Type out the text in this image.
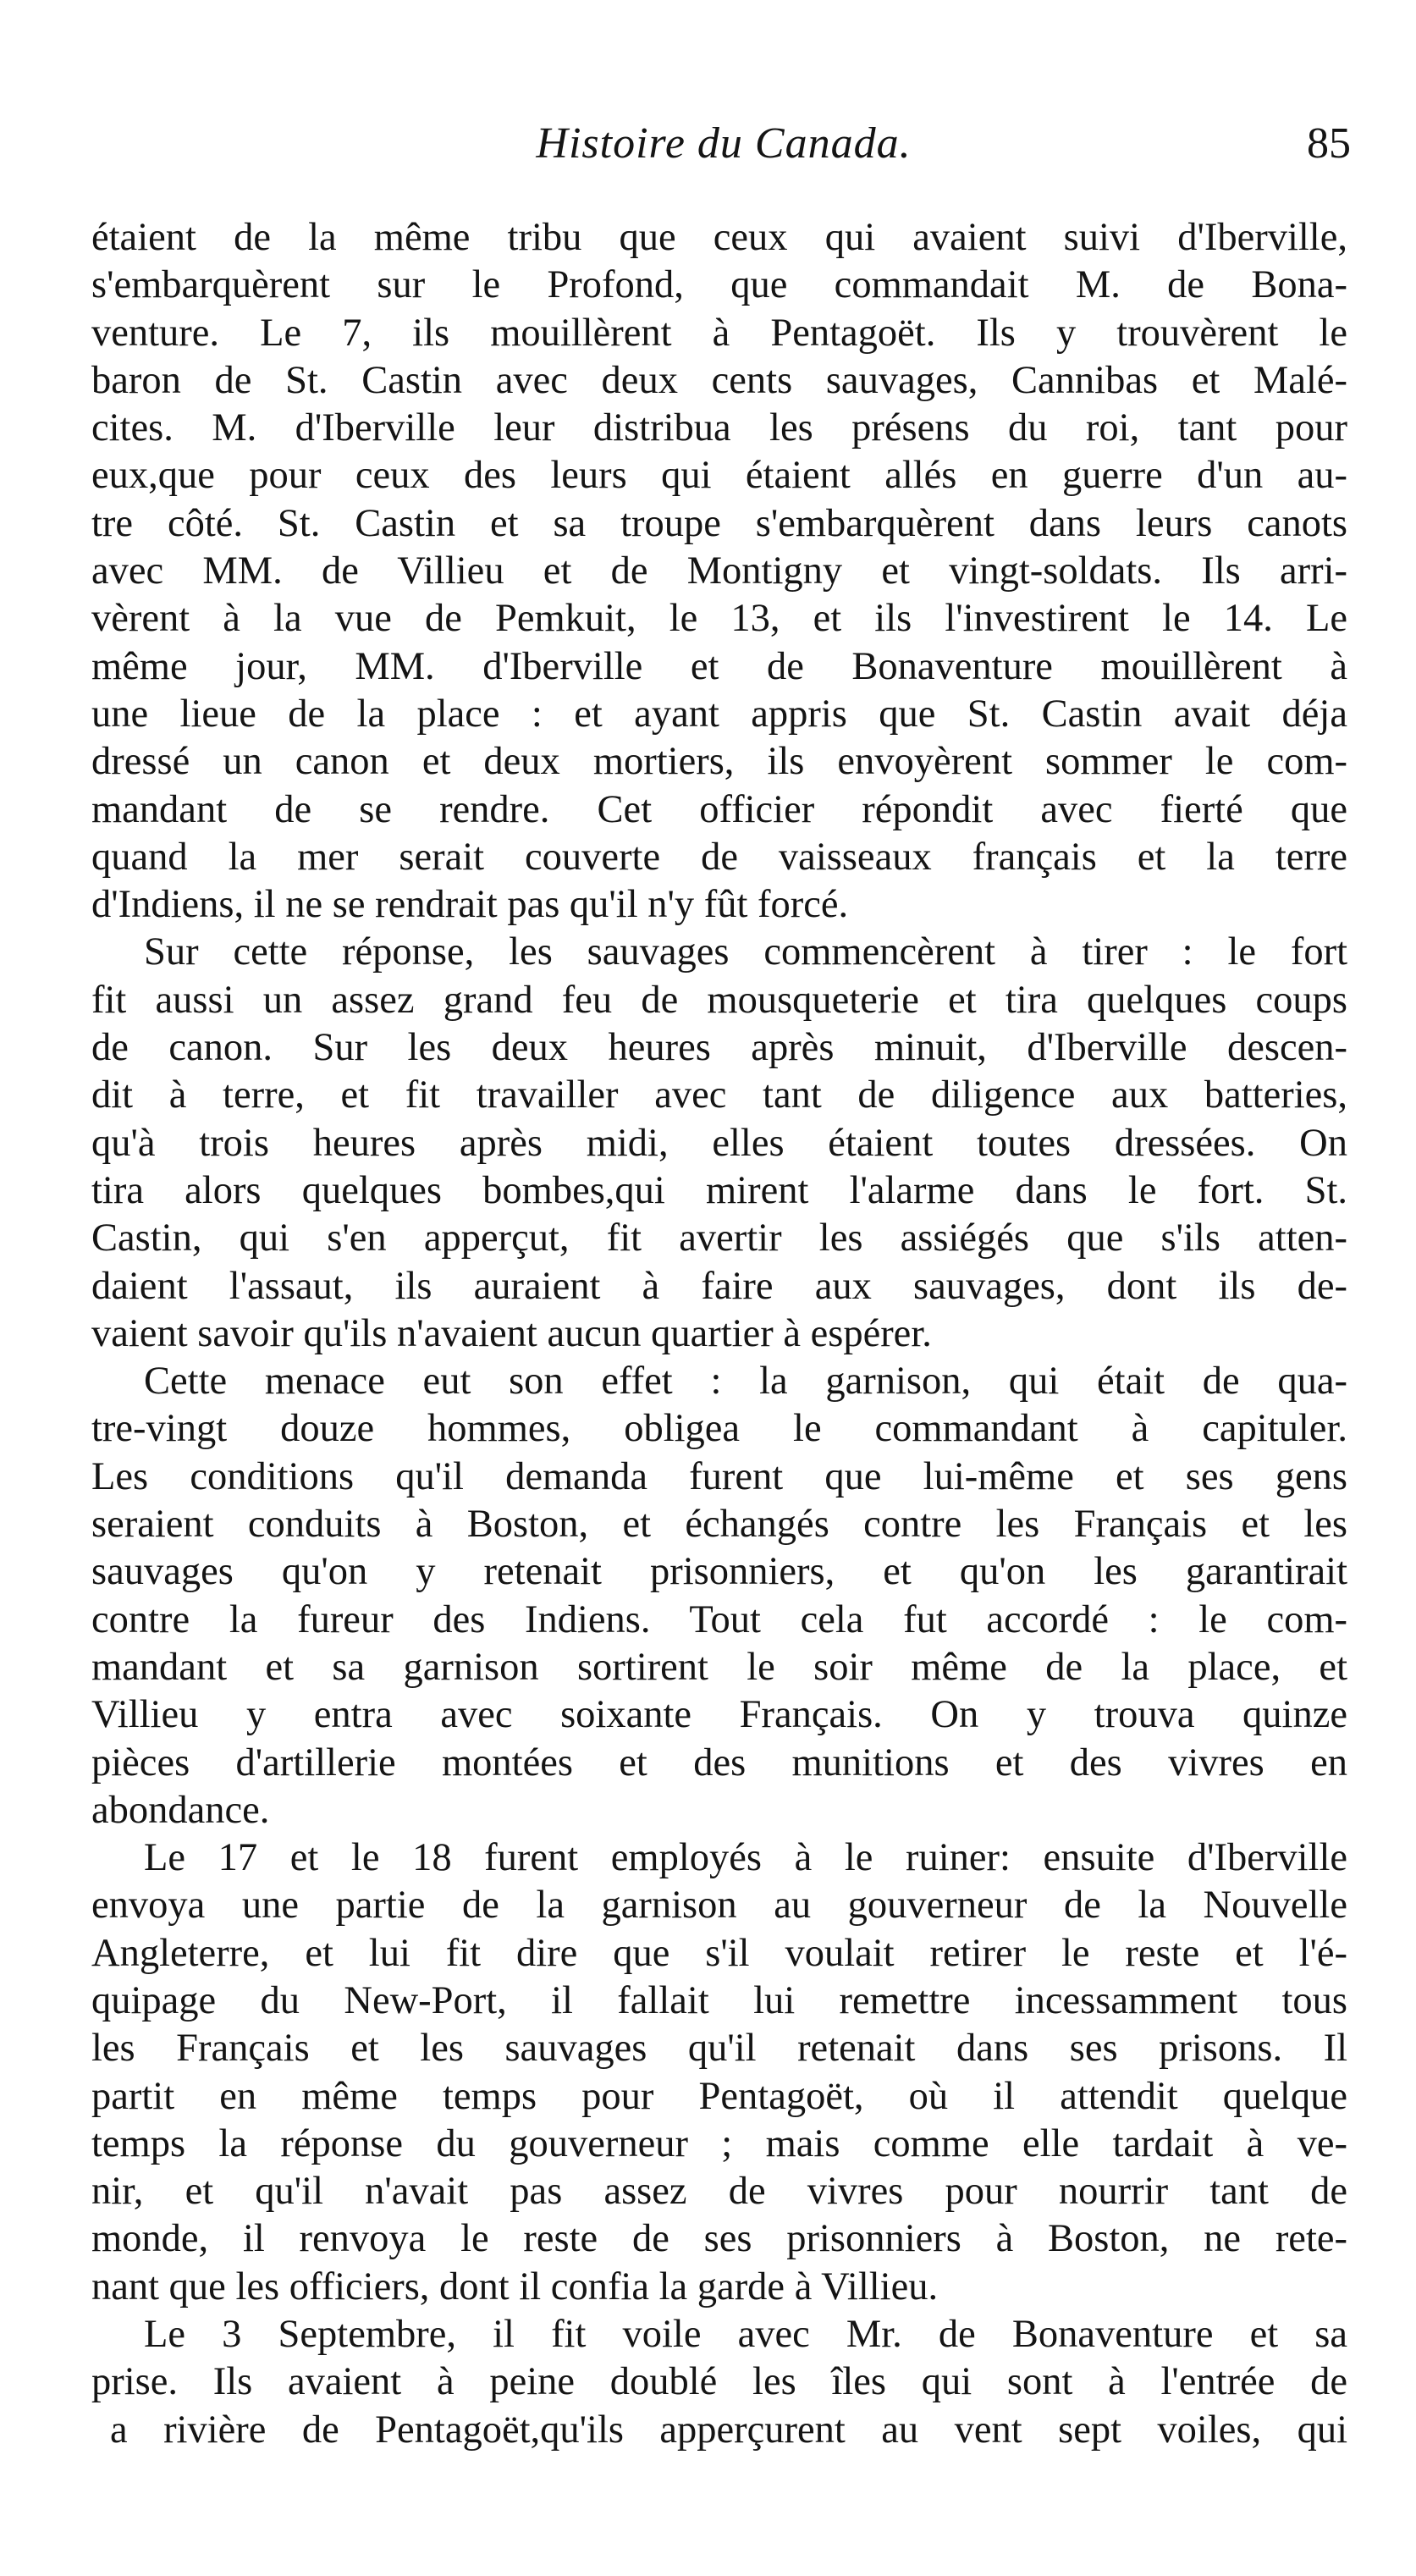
Histoire du Canada.	85
étaient de la même tribu que ceux qui avaient suivi d'Iberville,
s'embarquèrent sur le Profond, que commandait M. de Bona-
venture. Le 7, ils mouillèrent à Pentagoët. Ils y trouvèrent le
baron de St. Castin avec deux cents sauvages, Cannibas et Malé-
cites. M. d'Iberville leur distribua les présens du roi, tant pour
eux,que pour ceux des leurs qui étaient allés en guerre d'un au-
tre côté. St. Castin et sa troupe s'embarquèrent dans leurs canots
avec MM. de Villieu et de Montigny et vingt-soldats. Ils arri-
vèrent à la vue de Pemkuit, le 13, et ils l'investirent le 14. Le
même jour, MM. d'Iberville et de Bonaventure mouillèrent à
une lieue de la place : et ayant appris que St. Castin avait déja
dressé un canon et deux mortiers, ils envoyèrent sommer le com-
mandant de se rendre. Cet officier répondit avec fierté que
quand la mer serait couverte de vaisseaux français et la terre
d'Indiens, il ne se rendrait pas qu'il n'y fût forcé.
Sur cette réponse, les sauvages commencèrent à tirer : le fort
fit aussi un assez grand feu de mousqueterie et tira quelques coups
de canon. Sur les deux heures après minuit, d'Iberville descen-
dit à terre, et fit travailler avec tant de diligence aux batteries,
qu'à trois heures après midi, elles étaient toutes dressées. On
tira alors quelques bombes,qui mirent l'alarme dans le fort. St.
Castin, qui s'en apperçut, fit avertir les assiégés que s'ils atten-
daient l'assaut, ils auraient à faire aux sauvages, dont ils de-
vaient savoir qu'ils n'avaient aucun quartier à espérer.
Cette menace eut son effet : la garnison, qui était de qua-
tre-vingt douze hommes, obligea le commandant à capituler.
Les conditions qu'il demanda furent que lui-même et ses gens
seraient conduits à Boston, et échangés contre les Français et les
sauvages qu'on y retenait prisonniers, et qu'on les garantirait
contre la fureur des Indiens. Tout cela fut accordé : le com-
mandant et sa garnison sortirent le soir même de la place, et
Villieu y entra avec soixante Français. On y trouva quinze
pièces d'artillerie montées et des munitions et des vivres en
abondance.
Le 17 et le 18 furent employés à le ruiner: ensuite d'Iberville
envoya une partie de la garnison au gouverneur de la Nouvelle
Angleterre, et lui fit dire que s'il voulait retirer le reste et l'é-
quipage du New-Port, il fallait lui remettre incessamment tous
les Français et les sauvages qu'il retenait dans ses prisons. Il
partit en même temps pour Pentagoët, où il attendit quelque
temps la réponse du gouverneur ; mais comme elle tardait à ve-
nir, et qu'il n'avait pas assez de vivres pour nourrir tant de
monde, il renvoya le reste de ses prisonniers à Boston, ne rete-
nant que les officiers, dont il confia la garde à Villieu.
Le 3 Septembre, il fit voile avec Mr. de Bonaventure et sa
prise. Ils avaient à peine doublé les îles qui sont à l'entrée de
a rivière de Pentagoët,qu'ils apperçurent au vent sept voiles, qui
